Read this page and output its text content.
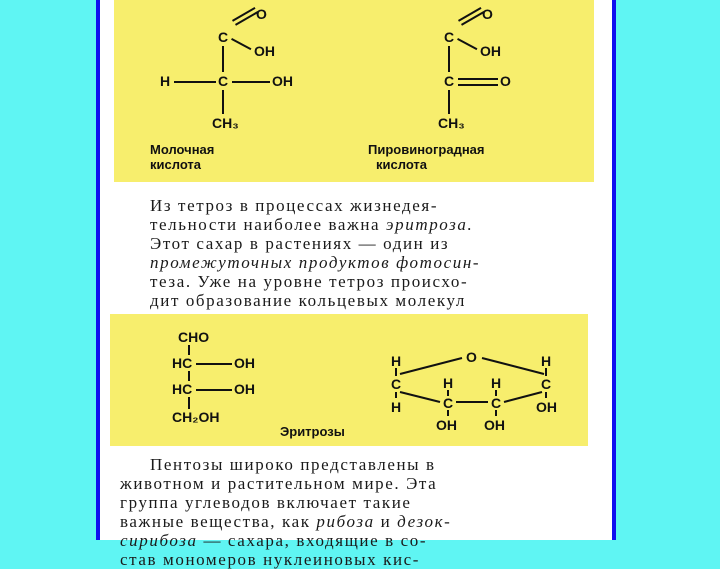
O
C
OH
H	C	OH
CH₃
Молочная
кислота
O
C
OH
C	O
CH₃
Пировиноградная
кислота
Из тетроз в процессах жизнедея-
тельности наиболее важна эритроза.
Этот сахар в растениях — один из
промежуточных продуктов фотосин-
теза. Уже на уровне тетроз происхо-
дит образование кольцевых молекул
CHO
HC	OH
HC	OH
CH₂OH
O
H	H
C	C
H	OH
H	H
C	C
OH OH
Эритрозы
Пентозы широко представлены в
животном и растительном мире. Эта
группа углеводов включает такие
важные вещества, как рибоза и дезок-
сирибоза — сахара, входящие в со-
став мономеров нуклеиновых кис-
